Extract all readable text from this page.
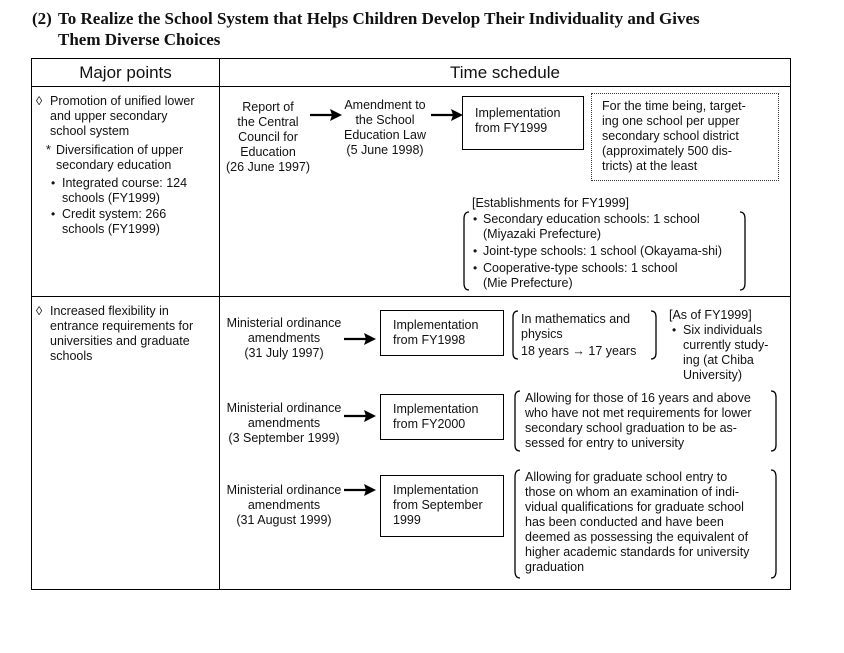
(2) To Realize the School System that Helps Children Develop Their Individuality and Gives
Them Diverse Choices
Major points	Time schedule
◊ Promotion of unified lower
and upper secondary
school system
* Diversification of upper
secondary education
• Integrated course: 124
schools (FY1999)
• Credit system: 266
schools (FY1999)
Report of
the Central
Council for
Education
(26 June 1997)
Amendment to
the School
Education Law
(5 June 1998)
Implementation
from FY1999
For the time being, target-
ing one school per upper
secondary school district
(approximately 500 dis-
tricts) at the least
[Establishments for FY1999]
• Secondary education schools: 1 school
(Miyazaki Prefecture)
• Joint-type schools: 1 school (Okayama-shi)
• Cooperative-type schools: 1 school
(Mie Prefecture)
◊ Increased flexibility in
entrance requirements for
universities and graduate
schools
Ministerial ordinance
amendments
(31 July 1997)
Implementation
from FY1998
In mathematics and
physics
18 years → 17 years
[As of FY1999]
• Six individuals
currently study-
ing (at Chiba
University)
Ministerial ordinance
amendments
(3 September 1999)
Implementation
from FY2000
Allowing for those of 16 years and above
who have not met requirements for lower
secondary school graduation to be as-
sessed for entry to university
Ministerial ordinance
amendments
(31 August 1999)
Implementation
from September
1999
Allowing for graduate school entry to
those on whom an examination of indi-
vidual qualifications for graduate school
has been conducted and have been
deemed as possessing the equivalent of
higher academic standards for university
graduation
